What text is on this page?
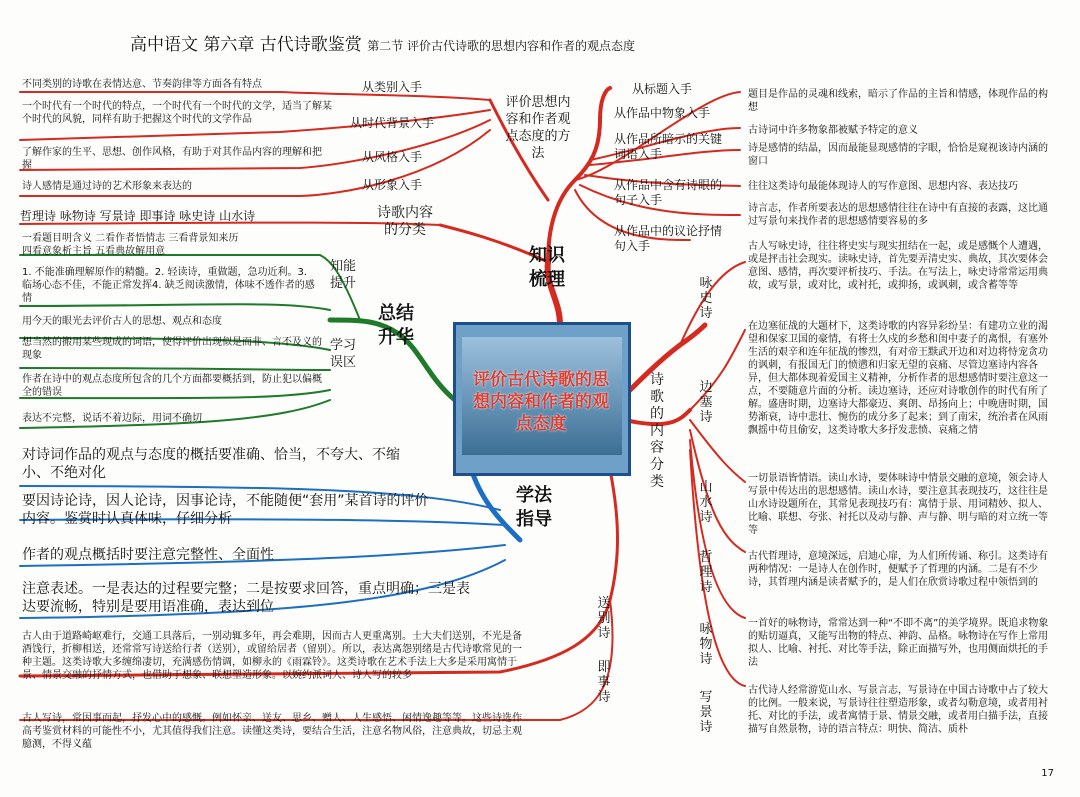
高中语文 第六章 古代诗歌鉴赏 第二节 评价古代诗歌的思想内容和作者的观点态度
评价古代诗歌的思想内容和作者的观点态度
知识梳理
总结升华
学法指导
诗歌的内容分类
评价思想内容和作者观点态度的方法
从类别入手
不同类别的诗歌在表情达意、节奏韵律等方面各有特点
从时代背景入手
一个时代有一个时代的特点，一个时代有一个时代的文学，适当了解某个时代的风貌，同样有助于把握这个时代的文学作品
从风格入手
了解作家的生平、思想、创作风格，有助于对其作品内容的理解和把握
从形象入手
诗人感情是通过诗的艺术形象来表达的
从标题入手	题目是作品的灵魂和线索，暗示了作品的主旨和情感，体现作品的构想
从作品中物象入手
古诗词中许多物象都被赋予特定的意义
从作品所暗示的关键词语入手	诗是感情的结晶，因而最能显现感情的字眼，恰恰是窥视该诗内涵的窗口
从作品中含有诗眼的句子入手
往往这类诗句最能体现诗人的写作意图、思想内容、表达技巧
从作品中的议论抒情句入手
诗言志，作者所要表达的思想感情往往在诗中有直接的表露，这比通过写景句来找作者的思想感情要容易的多
诗歌内容的分类
哲理诗 咏物诗 写景诗 即事诗 咏史诗 山水诗
知能提升
一看题目明含义 二看作者悟情志 三看背景知来历
四看意象析主旨 五看典故解用意
1. 不能准确理解原作的精髓。2. 轻读诗，重做题，急功近利。3. 临场心态不佳，不能正常发挥4. 缺乏阅读激情，体味不透作者的感情
学习误区
用今天的眼光去评价古人的思想、观点和态度
想当然的搬用某些现成的词语，使得评价出现似是而非、言不及义的现象
作者在诗中的观点态度所包含的几个方面都要概括到，防止犯以偏概全的错误
表达不完整，说话不着边际，用词不确切
对诗词作品的观点与态度的概括要准确、恰当，不夸大、不缩小、不绝对化
要因诗论诗，因人论诗，因事论诗，不能随便“套用”某首诗的评价内容。鉴赏时认真体味，仔细分析
作者的观点概括时要注意完整性、全面性
注意表述。一是表达的过程要完整；二是按要求回答，重点明确；三是表达要流畅，特别是要用语准确，表达到位	送别诗
古人由于道路崎岖难行，交通工具落后，一别动辄多年，再会难期，因而古人更重离别。士大夫们送别，不光是备酒饯行，折柳相送，还常常写诗送给行者（送别），或留给居者（留别）。所以，表达离怨别绪是古代诗歌常见的一种主题。这类诗歌大多缠绵凄切，充满感伤情调，如柳永的《雨霖铃》。这类诗歌在艺术手法上大多是采用寓情于景、情景交融的抒情方式，也借助于想象、联想塑造形象。以婉约派词人、诗人写的较多
即事诗
古人写诗，常因事而起，抒发心中的感慨。例如怀亲、送友、思乡、赠人、人生感悟、闲情逸趣等等。这些诗选作高考鉴赏材料的可能性不小，尤其值得我们注意。读懂这类诗，要结合生活，注意名物风俗，注意典故，切忌主观臆测，不得义蕴
咏史诗
古人写咏史诗，往往将史实与现实扭结在一起，或是感慨个人遭遇，或是抨击社会现实。读咏史诗，首先要弄清史实、典故，其次要体会意图、感情，再次要评析技巧、手法。在写法上，咏史诗常常运用典故，或写景，或对比，或衬托，或抑扬，或讽刺，或含蓄等等
边塞诗
在边塞征战的大题材下，这类诗歌的内容异彩纷呈：有建功立业的渴望和保家卫国的豪情，有将士久戍的乡愁和闺中妻子的离恨，有塞外生活的艰辛和连年征战的惨烈，有对帝王黩武开边和对边将恃宠贪功的讽刺，有报国无门的愤懑和归家无望的哀痛、尽管边塞诗内容各异，但大都体现着爱国主义精神，分析作者的思想感情时要注意这一点，不要随意片面的分析。读边塞诗，还应对诗歌创作的时代有所了解。盛唐时期，边塞诗大都豪迈、爽朗、昂扬向上；中晚唐时期，国势渐衰，诗中悲壮、惋伤的成分多了起来；到了南宋，统治者在风雨飘摇中苟且偷安，这类诗歌大多抒发悲愤、哀痛之情
山水诗
一切景语皆情语。读山水诗，要体味诗中情景交融的意境，领会诗人写景中传达出的思想感情。读山水诗，要注意其表现技巧，这往往是山水诗设题所在，其常见表现技巧有：寓情于景、用词精妙、拟人、比喻、联想、夸张、衬托以及动与静、声与静、明与暗的对立统一等等
哲理诗
古代哲理诗，意境深远，启迪心扉，为人们所传诵、称引。这类诗有两种情况：一是诗人在创作时，便赋予了哲理的内涵。二是有不少诗，其哲理内涵是读者赋予的，是人们在欣赏诗歌过程中领悟到的
咏物诗
一首好的咏物诗，常常达到一种“不即不离”的美学境界。既追求物象的贴切逼真，又能写出物的特点、神韵、品格。咏物诗在写作上常用拟人、比喻、衬托、对比等手法，除正面描写外，也用侧面烘托的手法
写景诗
古代诗人经常游览山水、写景言志，写景诗在中国古诗歌中占了较大的比例。一般来说，写景诗往往塑造形象，或者勾勒意境，或者用衬托、对比的手法，或者寓情于景、情景交融，或者用白描手法，直接描写自然景物，诗的语言特点：明快、简洁、质朴
17
